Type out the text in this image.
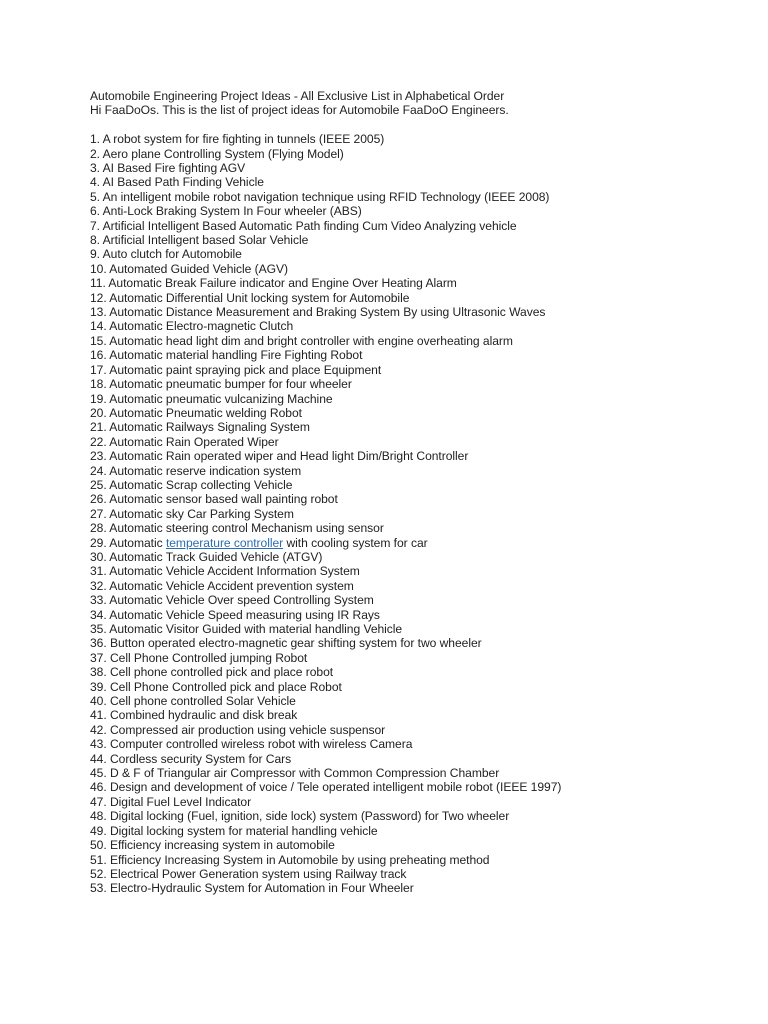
Automobile Engineering Project Ideas - All Exclusive List in Alphabetical Order

Hi FaaDoOs. This is the list of project ideas for Automobile FaaDoO Engineers.

1. A robot system for fire fighting in tunnels (IEEE 2005)
2. Aero plane Controlling System (Flying Model)
3. AI Based Fire fighting AGV
4. AI Based Path Finding Vehicle
5. An intelligent mobile robot navigation technique using RFID Technology (IEEE 2008)
6. Anti-Lock Braking System In Four wheeler (ABS)
7. Artificial Intelligent Based Automatic Path finding Cum Video Analyzing vehicle
8. Artificial Intelligent based Solar Vehicle
9. Auto clutch for Automobile
10. Automated Guided Vehicle (AGV)
11. Automatic Break Failure indicator and Engine Over Heating Alarm
12. Automatic Differential Unit locking system for Automobile
13. Automatic Distance Measurement and Braking System By using Ultrasonic Waves
14. Automatic Electro-magnetic Clutch
15. Automatic head light dim and bright controller with engine overheating alarm
16. Automatic material handling Fire Fighting Robot
17. Automatic paint spraying pick and place Equipment
18. Automatic pneumatic bumper for four wheeler
19. Automatic pneumatic vulcanizing Machine
20. Automatic Pneumatic welding Robot
21. Automatic Railways Signaling System
22. Automatic Rain Operated Wiper
23. Automatic Rain operated wiper and Head light Dim/Bright Controller
24. Automatic reserve indication system
25. Automatic Scrap collecting Vehicle
26. Automatic sensor based wall painting robot
27. Automatic sky Car Parking System
28. Automatic steering control Mechanism using sensor
29. Automatic temperature controller with cooling system for car
30. Automatic Track Guided Vehicle (ATGV)
31. Automatic Vehicle Accident Information System
32. Automatic Vehicle Accident prevention system
33. Automatic Vehicle Over speed Controlling System
34. Automatic Vehicle Speed measuring using IR Rays
35. Automatic Visitor Guided with material handling Vehicle
36. Button operated electro-magnetic gear shifting system for two wheeler
37. Cell Phone Controlled jumping Robot
38. Cell phone controlled pick and place robot
39. Cell Phone Controlled pick and place Robot
40. Cell phone controlled Solar Vehicle
41. Combined hydraulic and disk break
42. Compressed air production using vehicle suspensor
43. Computer controlled wireless robot with wireless Camera
44. Cordless security System for Cars
45. D & F of Triangular air Compressor with Common Compression Chamber
46. Design and development of voice / Tele operated intelligent mobile robot (IEEE 1997)
47. Digital Fuel Level Indicator
48. Digital locking (Fuel, ignition, side lock) system (Password) for Two wheeler
49. Digital locking system for material handling vehicle
50. Efficiency increasing system in automobile
51. Efficiency Increasing System in Automobile by using preheating method
52. Electrical Power Generation system using Railway track
53. Electro-Hydraulic System for Automation in Four Wheeler
